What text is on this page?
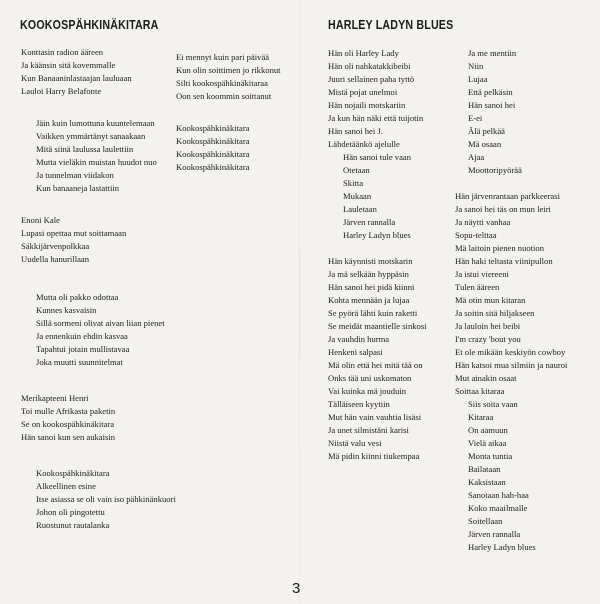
KOOKOSPÄHKINÄKITARA
Konttasin radion ääreen
Ja käänsin sitä kovemmalle
Kun Banaaninlastaajan lauluaan
Lauloi Harry Belafonte
Jäin kuin lumottuna kuuntelemaan
Vaikken ymmärtänyt sanaakaan
Mitä siinä laulussa laulettiin
Mutta vieläkin muistan huudot nuo
Ja tunnelman viidakon
Kun banaaneja lastattiin
Enoni Kale
Lupasi opettaa mut soittamaan
Säkkijärvenpolkkaa
Uudella hanurillaan
Mutta oli pakko odottaa
Kunnes kasvaisin
Sillä sormeni olivat aivan liian pienet
Ja ennenkuin ehdin kasvaa
Tapahtui jotain mullistavaa
Joka muutti suunnitelmat
Merikapteeni Henri
Toi mulle Afrikasta paketin
Se on kookospähkinäkitara
Hän sanoi kun sen aukaisin
Kookospähkinäkitara
Alkeellinen esine
Itse asiassa se oli vain iso pähkinänkuori
Johon oli pingotettu
Ruostunut rautalanka
Ei mennyt kuin pari päivää
Kun olin soittimen jo rikkonut
Silti kookospähkinäkitaraa
Oon sen koommin soittanut
Kookospähkinäkitara
Kookospähkinäkitara
Kookospähkinäkitara
Kookospähkinäkitara
HARLEY LADYN BLUES
Hän oli Harley Lady
Hän oli nahkatakkibeibi
Juuri sellainen paha tyttö
Mistä pojat unelmoi
Hän nojaili motskariin
Ja kun hän näki että tuijotin
Hän sanoi hei J.
Lähdetäänkö ajelulle
Hän sanoi tule vaan
Otetaan
Skitta
Mukaan
Lauletaan
Järven rannalla
Harley Ladyn blues
Hän käynnisti motskarin
Ja mä selkään hyppäsin
Hän sanoi hei pidä kiinni
Kohta mennään ja lujaa
Se pyörä lähti kuin raketti
Se meidät maantielle sinkosi
Ja vauhdin hurma
Henkeni salpasi
Mä olin että hei mitä tää on
Onks tää uni uskomaton
Vai kuinka mä jouduin
Tälläiseen kyytiin
Mut hän vain vauhtia lisäsi
Ja unet silmistäni karisi
Niistä valu vesi
Mä pidin kiinni tiukempaa
Ja me mentiin
Niin
Lujaa
Että pelkäsin
Hän sanoi hei
E-ei
Älä pelkää
Mä osaan
Ajaa
Moottoripyörää
Hän järvenrantaan parkkeerasi
Ja sanoi hei täs on mun leiri
Ja näytti vanhaa
Sopu-telttaa
Mä laitoin pienen nuotion
Hän haki teltasta viinipullon
Ja istui viereeni
Tulen ääreen
Mä otin mun kitaran
Ja soitin sitä hiljakseen
Ja lauloin hei beibi
I'm crazy 'bout you
Et ole mikään keskiyön cowboy
Hän katsoi mua silmiin ja nauroi
Mut ainakin osaat
Soittaa kitaraa
Siis soita vaan
Kitaraa
On aamuun
Vielä aikaa
Monta tuntia
Bailataan
Kaksistaan
Sanotaan hah-haa
Koko maailmalle
Soitellaan
Järven rannalla
Harley Ladyn blues
3
